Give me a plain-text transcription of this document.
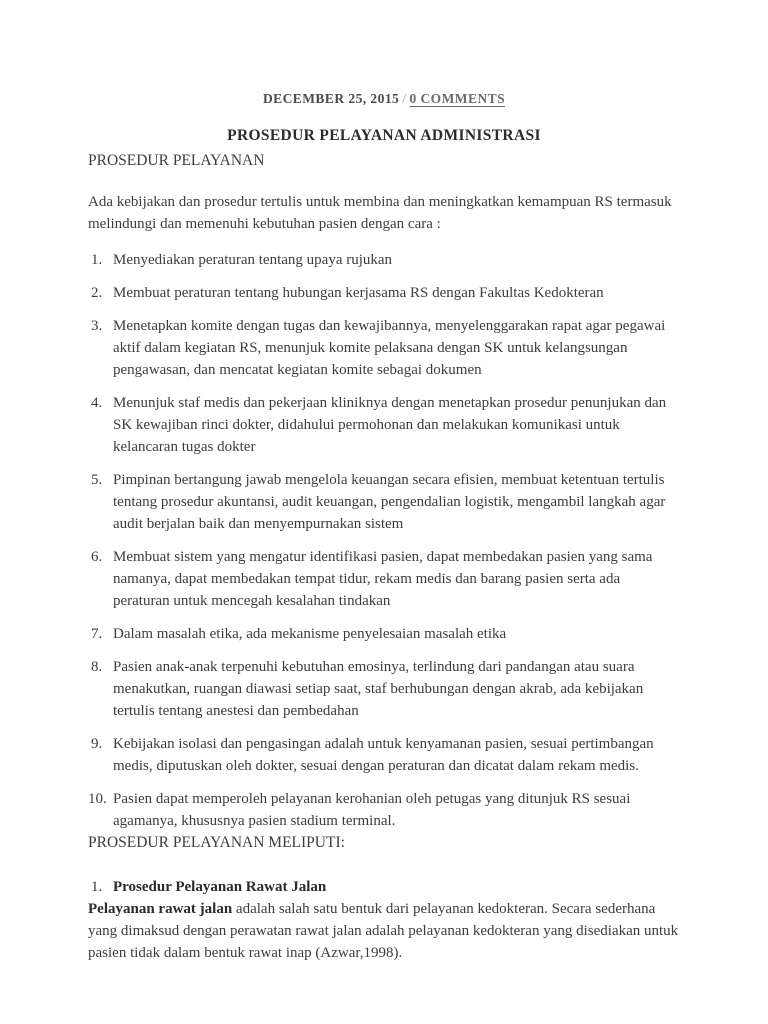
DECEMBER 25, 2015 / 0 COMMENTS
PROSEDUR PELAYANAN ADMINISTRASI
PROSEDUR PELAYANAN

Ada kebijakan dan prosedur tertulis untuk membina dan meningkatkan kemampuan RS termasuk melindungi dan memenuhi kebutuhan pasien dengan cara :

1. Menyediakan peraturan tentang upaya rujukan
2. Membuat peraturan tentang hubungan kerjasama RS dengan Fakultas Kedokteran
3. Menetapkan komite dengan tugas dan kewajibannya, menyelenggarakan rapat agar pegawai aktif dalam kegiatan RS, menunjuk komite pelaksana dengan SK untuk kelangsungan pengawasan, dan mencatat kegiatan komite sebagai dokumen
4. Menunjuk staf medis dan pekerjaan kliniknya dengan menetapkan prosedur penunjukan dan SK kewajiban rinci dokter, didahului permohonan dan melakukan komunikasi untuk kelancaran tugas dokter
5. Pimpinan bertangung jawab mengelola keuangan secara efisien, membuat ketentuan tertulis tentang prosedur akuntansi, audit keuangan, pengendalian logistik, mengambil langkah agar audit berjalan baik dan menyempurnakan sistem
6. Membuat sistem yang mengatur identifikasi pasien, dapat membedakan pasien yang sama namanya, dapat membedakan tempat tidur, rekam medis dan barang pasien serta ada peraturan untuk mencegah kesalahan tindakan
7. Dalam masalah etika, ada mekanisme penyelesaian masalah etika
8. Pasien anak-anak terpenuhi kebutuhan emosinya, terlindung dari pandangan atau suara menakutkan, ruangan diawasi setiap saat, staf berhubungan dengan akrab, ada kebijakan tertulis tentang anestesi dan pembedahan
9. Kebijakan isolasi dan pengasingan adalah untuk kenyamanan pasien, sesuai pertimbangan medis, diputuskan oleh dokter, sesuai dengan peraturan dan dicatat dalam rekam medis.
10. Pasien dapat memperoleh pelayanan kerohanian oleh petugas yang ditunjuk RS sesuai agamanya, khususnya pasien stadium terminal.
PROSEDUR PELAYANAN MELIPUTI:
1. Prosedur Pelayanan Rawat Jalan

Pelayanan rawat jalan adalah salah satu bentuk dari pelayanan kedokteran. Secara sederhana yang dimaksud dengan perawatan rawat jalan adalah pelayanan kedokteran yang disediakan untuk pasien tidak dalam bentuk rawat inap (Azwar,1998).
